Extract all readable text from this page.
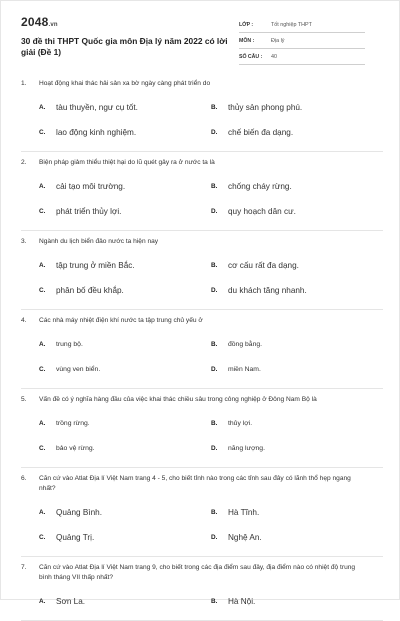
2048.vn
30 đề thi THPT Quốc gia môn Địa lý năm 2022 có lời giải (Đề 1)
LỚP :	Tốt nghiệp THPT
MÔN :	Địa lý
SỐ CÂU :	40
1.	Hoạt động khai thác hải sản xa bờ ngày càng phát triển do
A.	tàu thuyền, ngư cụ tốt.	B.	thủy sản phong phú.
C.	lao động kinh nghiệm.	D.	chế biến đa dạng.
2.	Biện pháp giảm thiểu thiệt hại do lũ quét gây ra ở nước ta là
A.	cải tạo môi trường.	B.	chống cháy rừng.
C.	phát triển thủy lợi.	D.	quy hoạch dân cư.
3.	Ngành du lịch biển đảo nước ta hiện nay
A.	tập trung ở miền Bắc.	B.	cơ cấu rất đa dạng.
C.	phân bố đều khắp.	D.	du khách tăng nhanh.
4.	Các nhà máy nhiệt điện khí nước ta tập trung chủ yếu ở
A.	trung bộ.	B.	đồng bằng.
C.	vùng ven biển.	D.	miền Nam.
5.	Vấn đề có ý nghĩa hàng đầu của việc khai thác chiều sâu trong công nghiệp ở Đông Nam Bộ là
A.	trồng rừng.	B.	thủy lợi.
C.	bảo vệ rừng.	D.	năng lượng.
6.	Căn cứ vào Atlat Địa lí Việt Nam trang 4 - 5, cho biết tỉnh nào trong các tỉnh sau đây có lãnh thổ hẹp ngang nhất?
A.	Quảng Bình.	B.	Hà Tĩnh.
C.	Quảng Trị.	D.	Nghệ An.
7.	Căn cứ vào Atlat Địa lí Việt Nam trang 9, cho biết trong các địa điểm sau đây, địa điểm nào có nhiệt độ trung bình tháng VII thấp nhất?
A.	Sơn La.	B.	Hà Nội.
